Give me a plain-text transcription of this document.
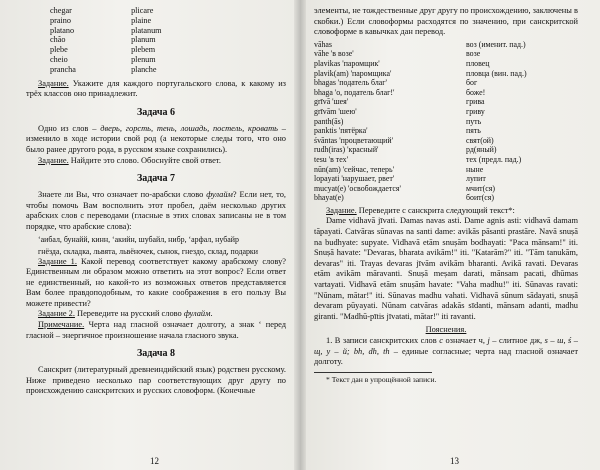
chegar	plicare
praino	plaine
platano	platanum
chão	planum
plebe	plebem
cheio	plenum
prancha	planche

Задание. Укажите для каждого португальского слова, к какому из трёх классов оно принадлежит.

Задача 6

Одно из слов – дверь, горсть, тень, лошадь, постель, кровать – изменило в ходе истории свой род (а некоторые следы того, что оно было ранее другого рода, в русском языке сохранились).

Задание. Найдите это слово. Обоснуйте свой ответ.

Задача 7

Знаете ли Вы, что означает по-арабски слово фулайм? Если нет, то, чтобы помочь Вам восполнить этот пробел, даём несколько других арабских слов с переводами (гласные в этих словах записаны не в том порядке, что арабские слова):

ʻaибал, бунайй, кинн, ʻакийн, шубайл, нибр, ʻарфал, нубайр

гнёзда, складка, львята, львёночек, сынок, гнездо, склад, подарки

Задание 1. Какой перевод соответствует какому арабскому слову? Единственным ли образом можно ответить на этот вопрос? Если ответ не единственный, но какой-то из возможных ответов представляется Вам более правдоподобным, то какие соображения в его пользу Вы можете привести?

Задание 2. Переведите на русский слово фулайм.

Примечание. Черта над гласной означает долготу, а знак ʻ перед гласной – энергичное произношение начала гласного звука.

Задача 8

Санскрит (литературный древнеиндийский язык) родствен русскому. Ниже приведено несколько пар соответствующих друг другу по происхождению санскритских и русских словоформ. (Конечные

12

элементы, не тождественные друг другу по происхождению, заключены в скобки.) Если словоформы расходятся по значению, при санскритской словоформе в кавычках дан перевод.

vāhas	воз (именит. пад.)
vāhe 'в возе'	возе
plavikas 'паромщик'	пловец
plavik(am) 'паромщика'	пловца (вин. пад.)
bhagas 'податель благ'	бог
bhaga 'о, податель благ!'	боже!
grīvā 'шея'	грива
grīvām 'шею'	гриву
panth(ās)	путь
panktis 'пятёрка'	пять
śvāntas 'процветающий'	свят(ой)
rudh(iras) 'красный'	рд(яный)
tesu 'в тех'	тех (предл. пад.)
nūn(am) 'сейчас, теперь'	ныне
lopayati 'нарушает, рвет'	лупит
mucyat(e) 'освобождается'	мчит(ся)
bhayat(e)	боит(ся)

Задание. Переведите с санскрита следующий текст*:

Dame vidhavā jīvati. Damas navas asti. Dame agnis asti: vidhavā damam tāpayati. Catvāras sūnavas na santi dame: avikās pāsanti prastāre. Navā snuṣā na budhyate: supyate. Vidhavā etām snuṣām bodhayati: "Paca mānsam!" iti. Snuṣā havate: "Devaras, bharata avikām!" iti. "Katarām?" iti. "Tām tanukām, devaras" iti. Trayas devaras jīvām avikām bharanti. Avikā ravati. Devaras etām avikām māravanti. Snuṣā meṣam darati, mānsam pacati, dhūmas vartayati. Vidhavā etām snuṣām havate: "Vaha madhu!" iti. Sūnavas ravati: "Nūnam, mātar!" iti. Sūnavas madhu vahati. Vidhavā sūnum sādayati, snuṣā devaram pūyayati. Nūnam catvāras adakās sīdanti, mānsam adanti, madhu giranti. "Madhū-pītis jīvatati, mātar!" iti ravanti.

Пояснения.

1. В записи санскритских слов c означает ч, j – слитное дж, s – ш, ś – щ, y – й; bh, dh, th – единые согласные; черта над гласной означает долготу.

* Текст дан в упрощённой записи.

13
